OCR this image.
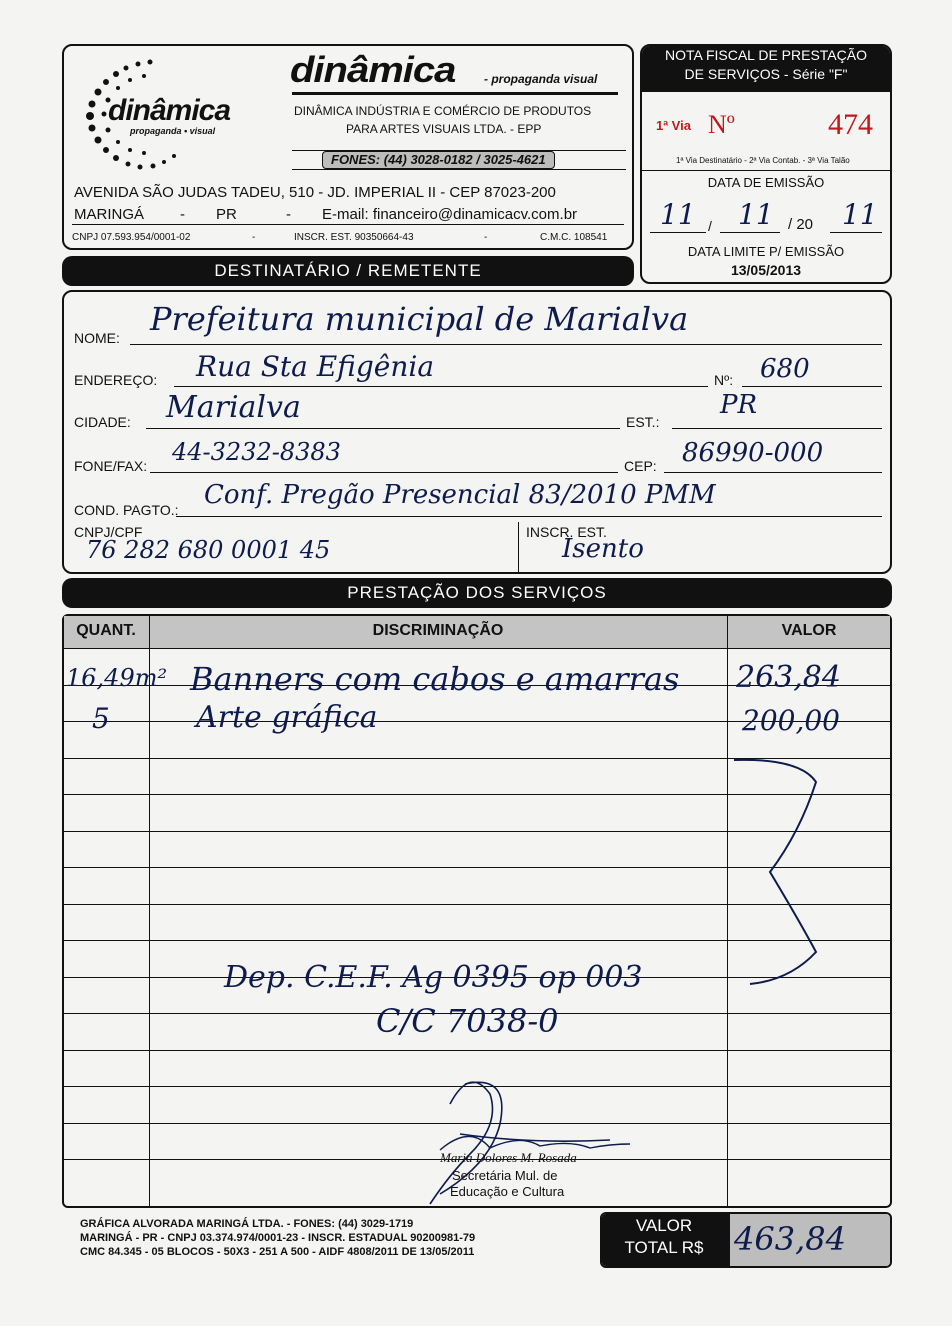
dinâmica
propaganda • visual
dinâmica - propaganda visual
DINÂMICA INDÚSTRIA E COMÉRCIO DE PRODUTOS
PARA ARTES VISUAIS LTDA. - EPP
FONES: (44) 3028-0182 / 3025-4621
AVENIDA SÃO JUDAS TADEU, 510 - JD. IMPERIAL II - CEP 87023-200
MARINGÁ - PR	- E-mail: financeiro@dinamicacv.com.br
CNPJ 07.593.954/0001-02	-	INSCR. EST. 90350664-43	-	C.M.C. 108541
NOTA FISCAL DE PRESTAÇÃO
DE SERVIÇOS - Série "F"
1ª Via Nº	474
1ª Via Destinatário - 2ª Via Contab. - 3ª Via Talão
DATA DE EMISSÃO
11 / 11 / 20 11
DATA LIMITE P/ EMISSÃO
13/05/2013
DESTINATÁRIO / REMETENTE
NOME: Prefeitura municipal de Marialva
ENDEREÇO: Rua Sta Efigênia	Nº: 680
CIDADE: Marialva	EST.:
PR
FONE/FAX: 44-3232-8383	CEP: 86990-000
COND. PAGTO.: Conf. Pregão Presencial 83/2010 PMM
CNPJ/CPF
76 282 680 0001 45
INSCR. EST.
Isento
PRESTAÇÃO DOS SERVIÇOS
QUANT.	DISCRIMINAÇÃO	VALOR
16,49m² Banners com cabos e amarras 263,84
5	Arte gráfica	200,00
Dep. C.E.F. Ag 0395 op 003
C/C 7038-0
Maria Dolores M. Rosada
Secretária Mul. de
Educação e Cultura
GRÁFICA ALVORADA MARINGÁ LTDA. - FONES: (44) 3029-1719
MARINGÁ - PR - CNPJ 03.374.974/0001-23 - INSCR. ESTADUAL 90200981-79
CMC 84.345 - 05 BLOCOS - 50X3 - 251 A 500 - AIDF 4808/2011 DE 13/05/2011
VALOR
TOTAL R$ 463,84
